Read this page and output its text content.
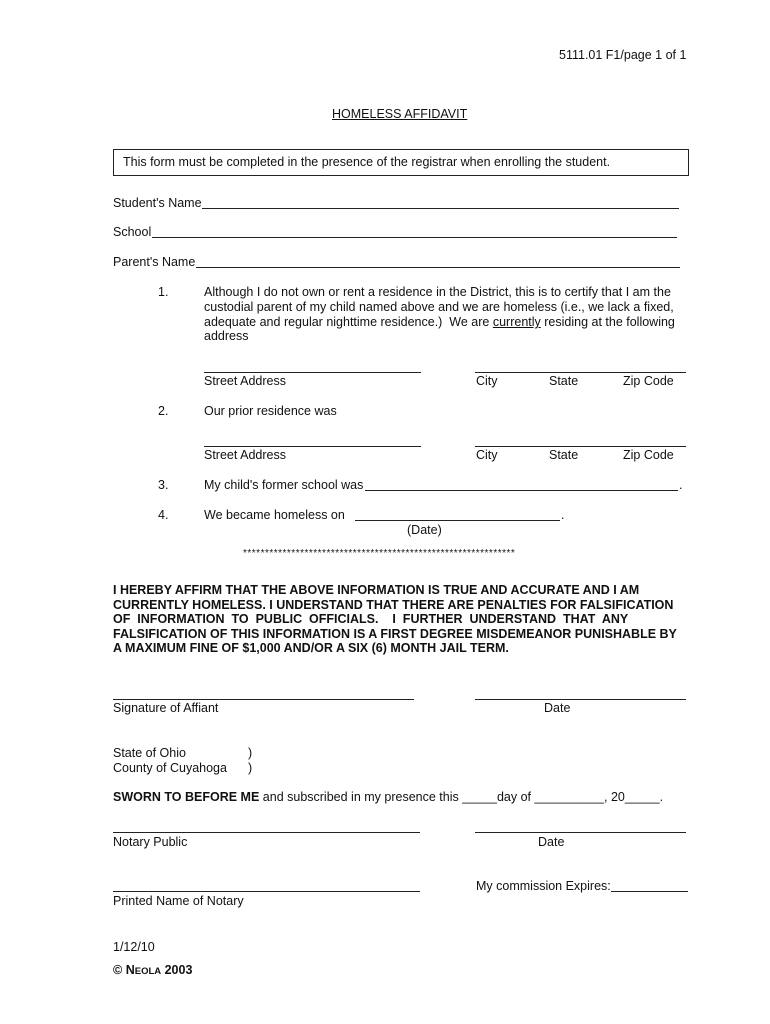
5111.01 F1/page 1 of 1
HOMELESS AFFIDAVIT
This form must be completed in the presence of the registrar when enrolling the student.
Student's Name
School
Parent's Name
1.	Although I do not own or rent a residence in the District, this is to certify that I am the
custodial parent of my child named above and we are homeless (i.e., we lack a fixed,
adequate and regular nighttime residence.)  We are currently residing at the following
address
Street Address	City	State	Zip Code
2.	Our prior residence was
Street Address	City	State	Zip Code
3.	My child's former school was	.
4.	We became homeless on	.
(Date)
**************************************************************
I HEREBY AFFIRM THAT THE ABOVE INFORMATION IS TRUE AND ACCURATE AND I AM
CURRENTLY HOMELESS. I UNDERSTAND THAT THERE ARE PENALTIES FOR FALSIFICATION
OF  INFORMATION  TO  PUBLIC  OFFICIALS.    I  FURTHER  UNDERSTAND  THAT  ANY
FALSIFICATION OF THIS INFORMATION IS A FIRST DEGREE MISDEMEANOR PUNISHABLE BY
A MAXIMUM FINE OF $1,000 AND/OR A SIX (6) MONTH JAIL TERM.
Signature of Affiant	Date
State of Ohio	)
County of Cuyahoga )
SWORN TO BEFORE ME and subscribed in my presence this _____day of __________, 20_____.
Notary Public	Date
My commission Expires:
Printed Name of Notary
1/12/10
© NEOLA 2003
